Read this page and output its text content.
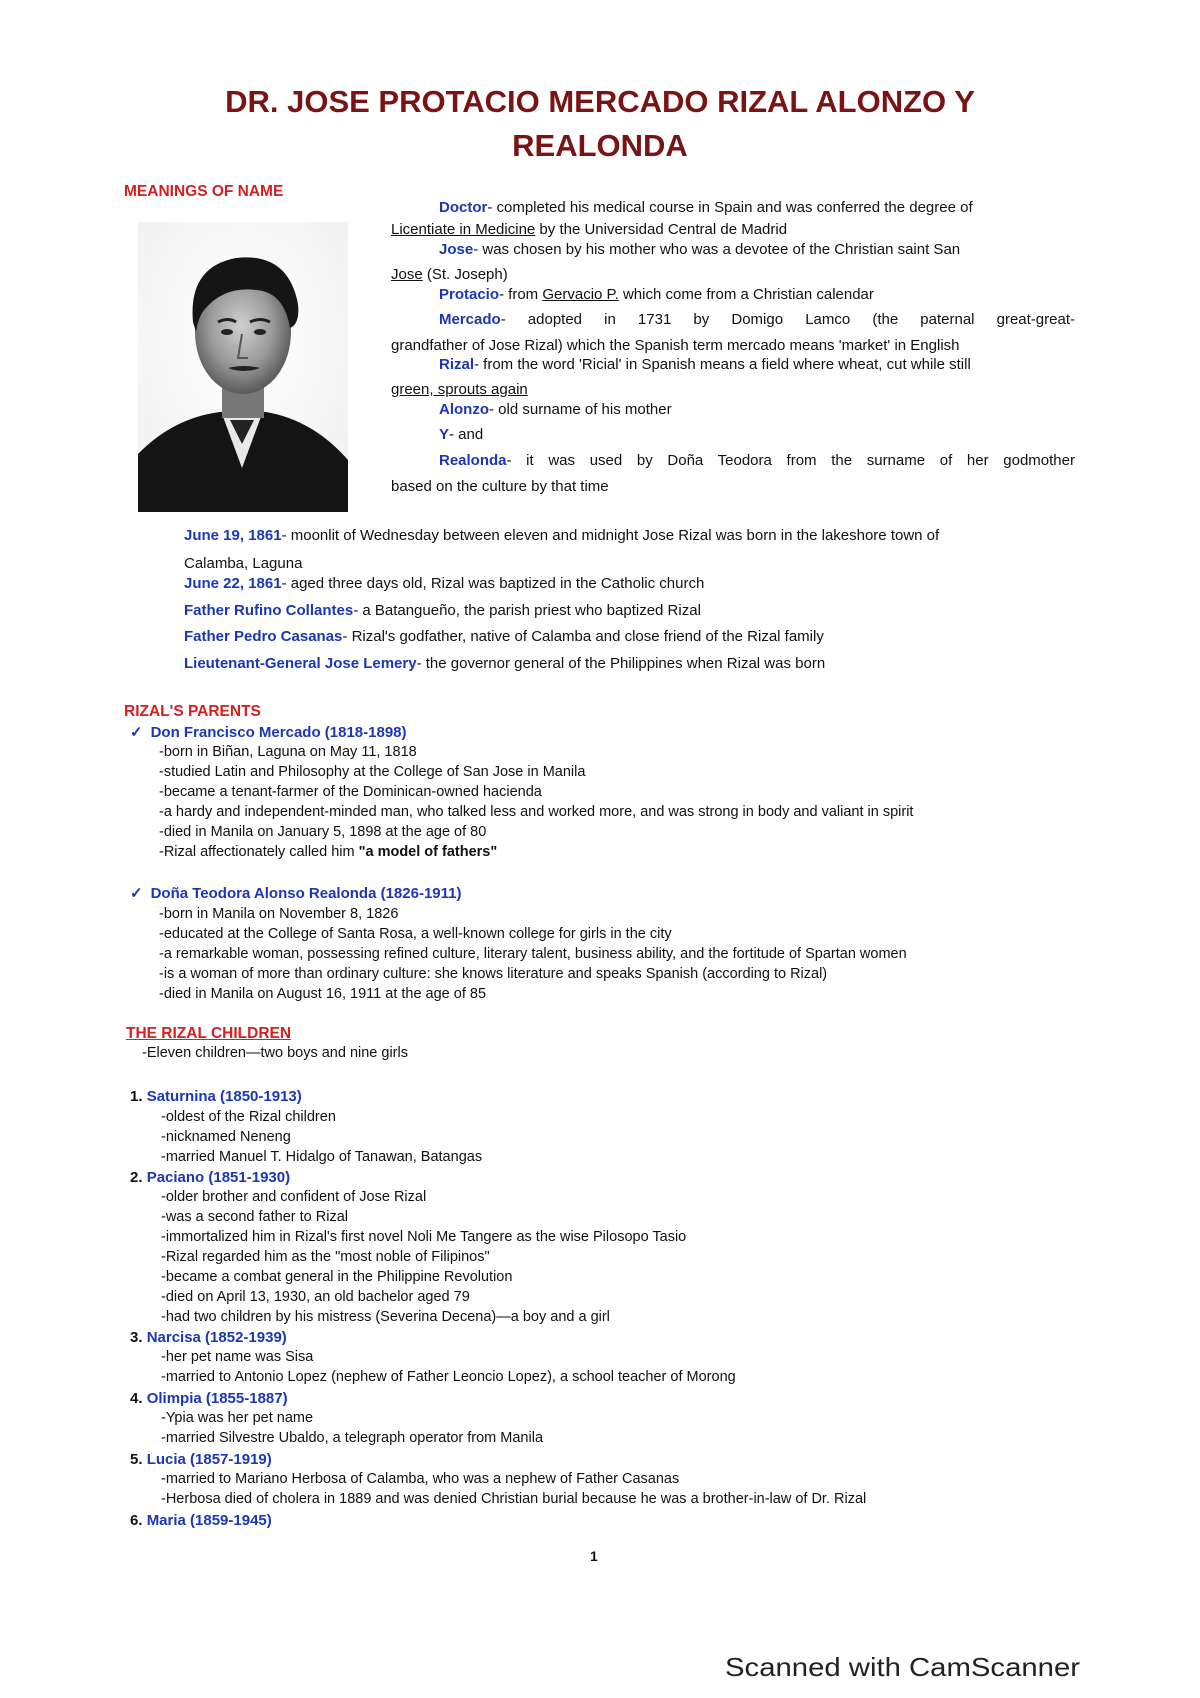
DR. JOSE PROTACIO MERCADO RIZAL ALONZO Y REALONDA
MEANINGS OF NAME
Doctor- completed his medical course in Spain and was conferred the degree of
Licentiate in Medicine by the Universidad Central de Madrid
Jose- was chosen by his mother who was a devotee of the Christian saint San
Jose (St. Joseph)
Protacio- from Gervacio P. which come from a Christian calendar
Mercado- adopted in 1731 by Domigo Lamco (the paternal great-great-
grandfather of Jose Rizal) which the Spanish term mercado means 'market' in English
Rizal- from the word 'Ricial' in Spanish means a field where wheat, cut while still
green, sprouts again
Alonzo- old surname of his mother
Y- and
Realonda- it was used by Doña Teodora from the surname of her godmother
based on the culture by that time
June 19, 1861- moonlit of Wednesday between eleven and midnight Jose Rizal was born in the lakeshore town of
Calamba, Laguna
June 22, 1861- aged three days old, Rizal was baptized in the Catholic church
Father Rufino Collantes- a Batangueño, the parish priest who baptized Rizal
Father Pedro Casanas- Rizal's godfather, native of Calamba and close friend of the Rizal family
Lieutenant-General Jose Lemery- the governor general of the Philippines when Rizal was born
RIZAL'S PARENTS
✓ Don Francisco Mercado (1818-1898)
-born in Biñan, Laguna on May 11, 1818
-studied Latin and Philosophy at the College of San Jose in Manila
-became a tenant-farmer of the Dominican-owned hacienda
-a hardy and independent-minded man, who talked less and worked more, and was strong in body and valiant in spirit
-died in Manila on January 5, 1898 at the age of 80
-Rizal affectionately called him "a model of fathers"
✓ Doña Teodora Alonso Realonda (1826-1911)
-born in Manila on November 8, 1826
-educated at the College of Santa Rosa, a well-known college for girls in the city
-a remarkable woman, possessing refined culture, literary talent, business ability, and the fortitude of Spartan women
-is a woman of more than ordinary culture: she knows literature and speaks Spanish (according to Rizal)
-died in Manila on August 16, 1911 at the age of 85
THE RIZAL CHILDREN
-Eleven children—two boys and nine girls
1. Saturnina (1850-1913)
-oldest of the Rizal children
-nicknamed Neneng
-married Manuel T. Hidalgo of Tanawan, Batangas
2. Paciano (1851-1930)
-older brother and confident of Jose Rizal
-was a second father to Rizal
-immortalized him in Rizal's first novel Noli Me Tangere as the wise Pilosopo Tasio
-Rizal regarded him as the "most noble of Filipinos"
-became a combat general in the Philippine Revolution
-died on April 13, 1930, an old bachelor aged 79
-had two children by his mistress (Severina Decena)—a boy and a girl
3. Narcisa (1852-1939)
-her pet name was Sisa
-married to Antonio Lopez (nephew of Father Leoncio Lopez), a school teacher of Morong
4. Olimpia (1855-1887)
-Ypia was her pet name
-married Silvestre Ubaldo, a telegraph operator from Manila
5. Lucia (1857-1919)
-married to Mariano Herbosa of Calamba, who was a nephew of Father Casanas
-Herbosa died of cholera in 1889 and was denied Christian burial because he was a brother-in-law of Dr. Rizal
6. Maria (1859-1945)
1
Scanned with CamScanner
